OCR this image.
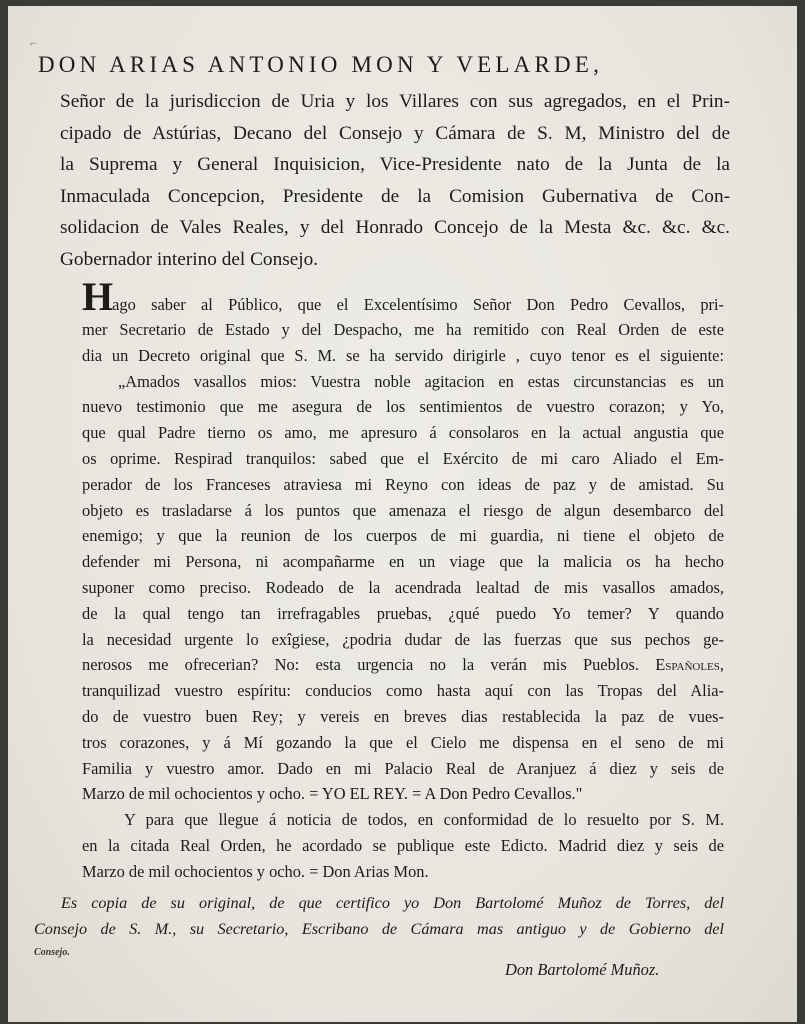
⌐
DON ARIAS ANTONIO MON Y VELARDE,
Señor de la jurisdiccion de Uria y los Villares con sus agregados, en el Prin-
cipado de Astúrias, Decano del Consejo y Cámara de S. M, Ministro del de
la Suprema y General Inquisicion, Vice-Presidente nato de la Junta de la
Inmaculada Concepcion, Presidente de la Comision Gubernativa de Con-
solidacion de Vales Reales, y del Honrado Concejo de la Mesta &c. &c. &c.
Gobernador interino del Consejo.
Hago saber al Público, que el Excelentísimo Señor Don Pedro Cevallos, pri-
mer Secretario de Estado y del Despacho, me ha remitido con Real Orden de este
dia un Decreto original que S. M. se ha servido dirigirle , cuyo tenor es el siguiente:
„Amados vasallos mios: Vuestra noble agitacion en estas circunstancias es un
nuevo testimonio que me asegura de los sentimientos de vuestro corazon; y Yo,
que qual Padre tierno os amo, me apresuro á consolaros en la actual angustia que
os oprime. Respirad tranquilos: sabed que el Exército de mi caro Aliado el Em-
perador de los Franceses atraviesa mi Reyno con ideas de paz y de amistad. Su
objeto es trasladarse á los puntos que amenaza el riesgo de algun desembarco del
enemigo; y que la reunion de los cuerpos de mi guardia, ni tiene el objeto de
defender mi Persona, ni acompañarme en un viage que la malicia os ha hecho
suponer como preciso. Rodeado de la acendrada lealtad de mis vasallos amados,
de la qual tengo tan irrefragables pruebas, ¿qué puedo Yo temer? Y quando
la necesidad urgente lo exîgiese, ¿podria dudar de las fuerzas que sus pechos ge-
nerosos me ofrecerian? No: esta urgencia no la verán mis Pueblos. Españoles,
tranquilizad vuestro espíritu: conducios como hasta aquí con las Tropas del Alia-
do de vuestro buen Rey; y vereis en breves dias restablecida la paz de vues-
tros corazones, y á Mí gozando la que el Cielo me dispensa en el seno de mi
Familia y vuestro amor. Dado en mi Palacio Real de Aranjuez á diez y seis de
Marzo de mil ochocientos y ocho. = YO EL REY. = A Don Pedro Cevallos."
Y para que llegue á noticia de todos, en conformidad de lo resuelto por S. M.
en la citada Real Orden, he acordado se publique este Edicto. Madrid diez y seis de
Marzo de mil ochocientos y ocho. = Don Arias Mon.
Es copia de su original, de que certifico yo Don Bartolomé Muñoz de Torres, del
Consejo de S. M., su Secretario, Escribano de Cámara mas antiguo y de Gobierno del
Consejo.
Don Bartolomé Muñoz.
